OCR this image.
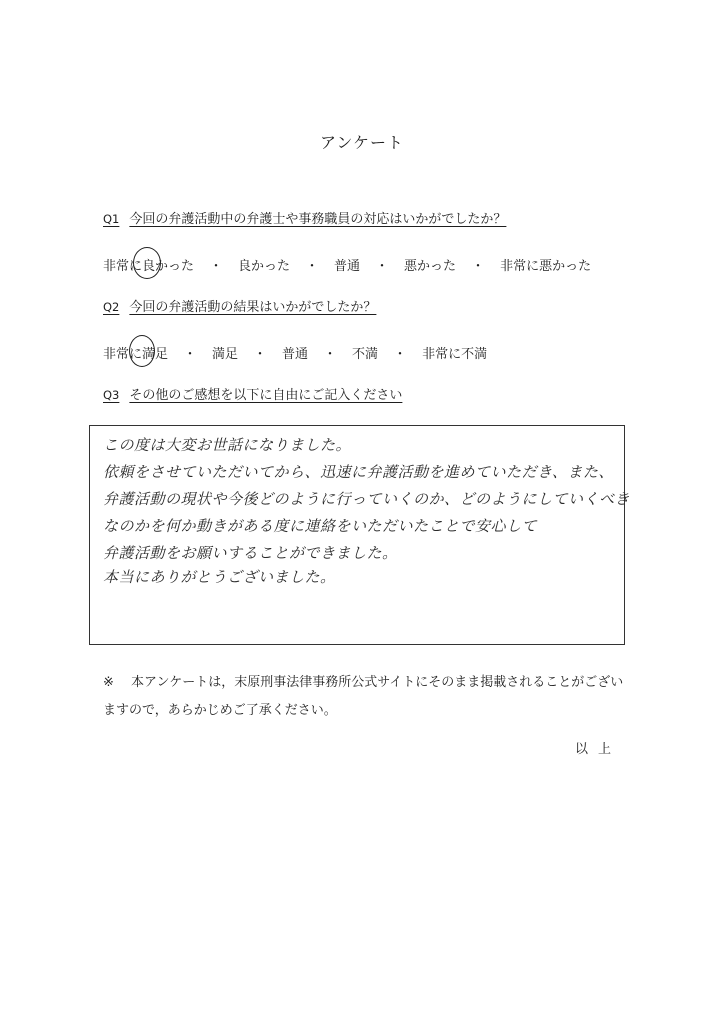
アンケート
Q1 今回の弁護活動中の弁護士や事務職員の対応はいかがでしたか？
非常に良かった	・	良かった	・	普通	・	悪かった	・	非常に悪かった
Q2 今回の弁護活動の結果はいかがでしたか？
非常に満足	・	満足	・	普通	・	不満	・	非常に不満
Q3 その他のご感想を以下に自由にご記入ください
この度は大変お世話になりました。
依頼をさせていただいてから、迅速に弁護活動を進めていただき、また、
弁護活動の現状や今後どのように行っていくのか、どのようにしていくべき
なのかを何か動きがある度に連絡をいただいたことで安心して
弁護活動をお願いすることができました。
本当にありがとうございました。
※ 本アンケートは，末原刑事法律事務所公式サイトにそのまま掲載されることがございますので，あらかじめご了承ください。
以上
